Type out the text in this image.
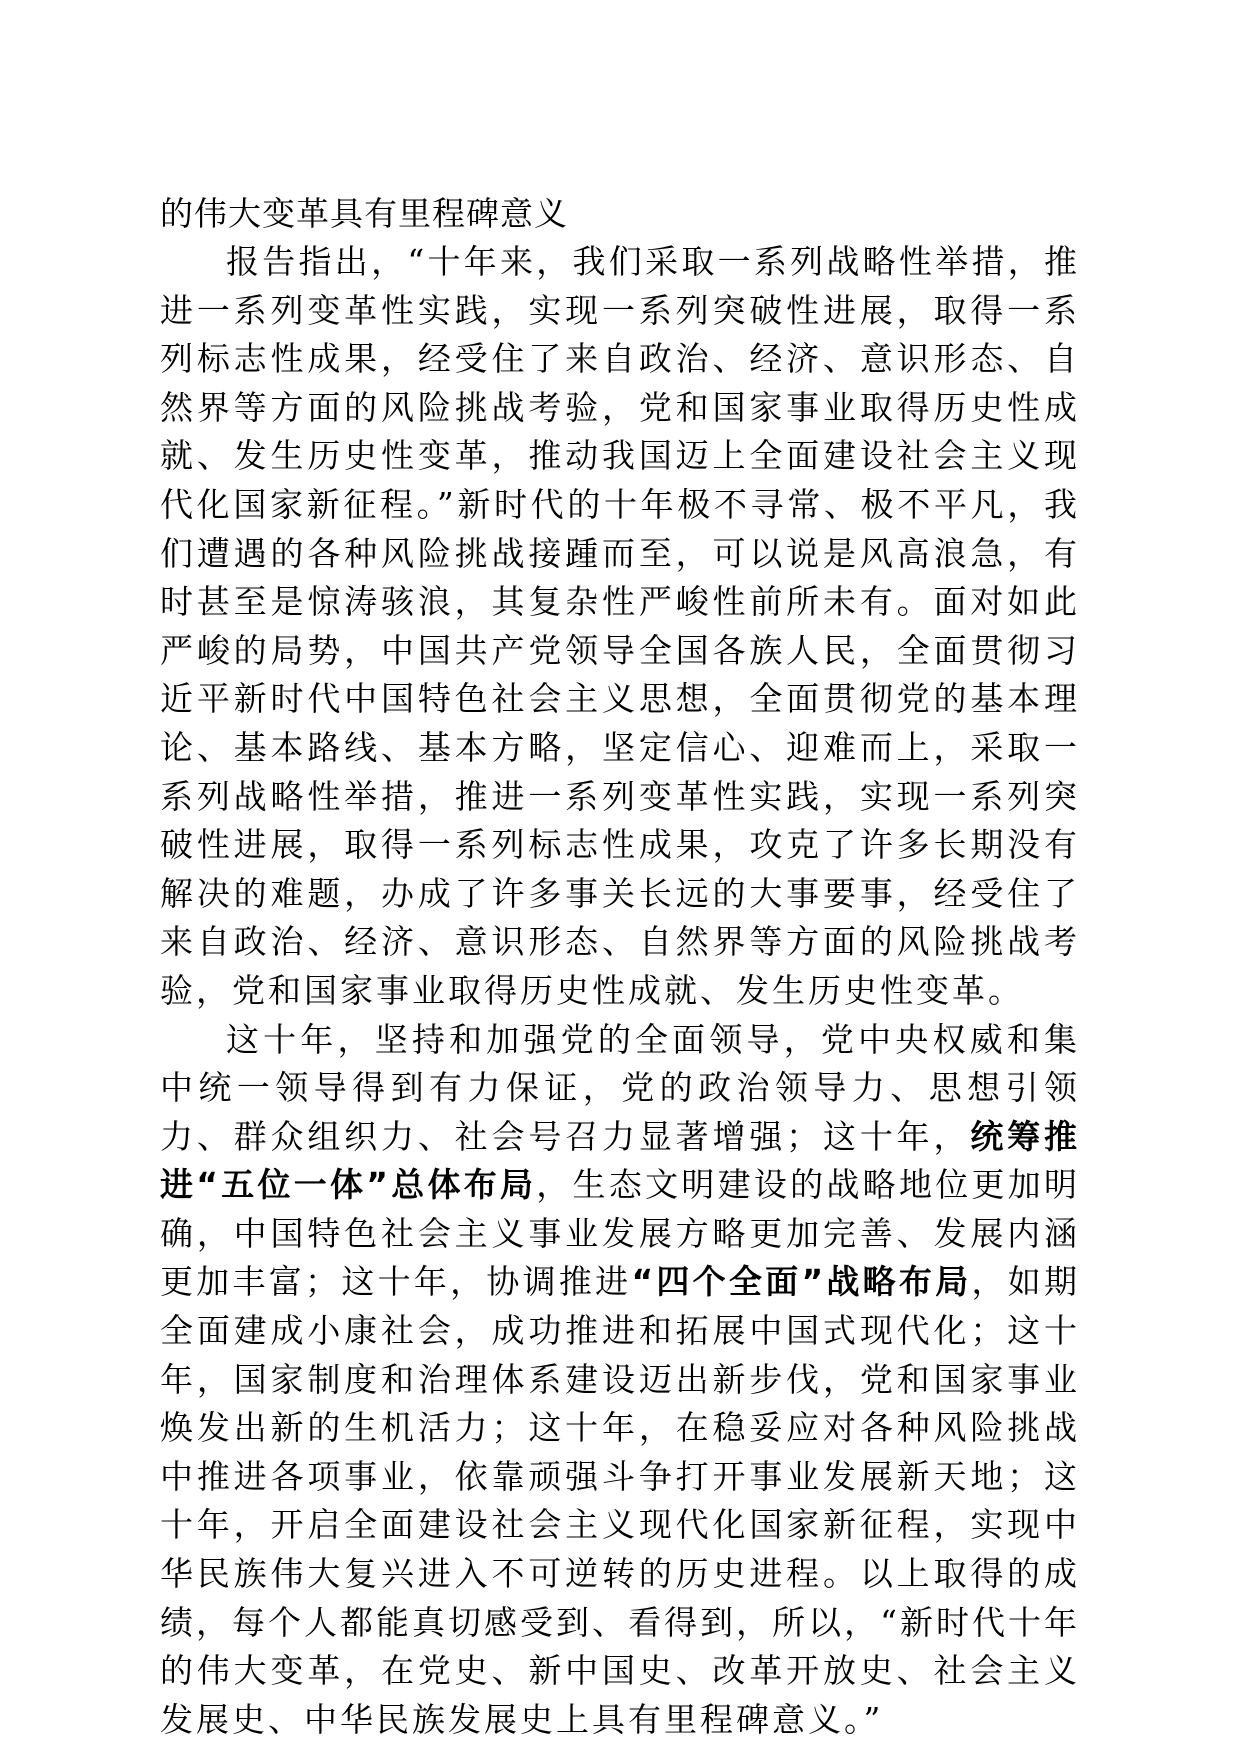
的伟大变革具有里程碑意义

报告指出，“十年来，我们采取一系列战略性举措，推进一系列变革性实践，实现一系列突破性进展，取得一系列标志性成果，经受住了来自政治、经济、意识形态、自然界等方面的风险挑战考验，党和国家事业取得历史性成就、发生历史性变革，推动我国迈上全面建设社会主义现代化国家新征程。”新时代的十年极不寻常、极不平凡，我们遭遇的各种风险挑战接踵而至，可以说是风高浪急，有时甚至是惊涛骇浪，其复杂性严峻性前所未有。面对如此严峻的局势，中国共产党领导全国各族人民，全面贯彻习近平新时代中国特色社会主义思想，全面贯彻党的基本理论、基本路线、基本方略，坚定信心、迎难而上，采取一系列战略性举措，推进一系列变革性实践，实现一系列突破性进展，取得一系列标志性成果，攻克了许多长期没有解决的难题，办成了许多事关长远的大事要事，经受住了来自政治、经济、意识形态、自然界等方面的风险挑战考验，党和国家事业取得历史性成就、发生历史性变革。

这十年，坚持和加强党的全面领导，党中央权威和集中统一领导得到有力保证，党的政治领导力、思想引领力、群众组织力、社会号召力显著增强；这十年，统筹推进“五位一体”总体布局，生态文明建设的战略地位更加明确，中国特色社会主义事业发展方略更加完善、发展内涵更加丰富；这十年，协调推进“四个全面”战略布局，如期全面建成小康社会，成功推进和拓展中国式现代化；这十年，国家制度和治理体系建设迈出新步伐，党和国家事业焕发出新的生机活力；这十年，在稳妥应对各种风险挑战中推进各项事业，依靠顽强斗争打开事业发展新天地；这十年，开启全面建设社会主义现代化国家新征程，实现中华民族伟大复兴进入不可逆转的历史进程。以上取得的成绩，每个人都能真切感受到、看得到，所以，“新时代十年的伟大变革，在党史、新中国史、改革开放史、社会主义发展史、中华民族发展史上具有里程碑意义。”
